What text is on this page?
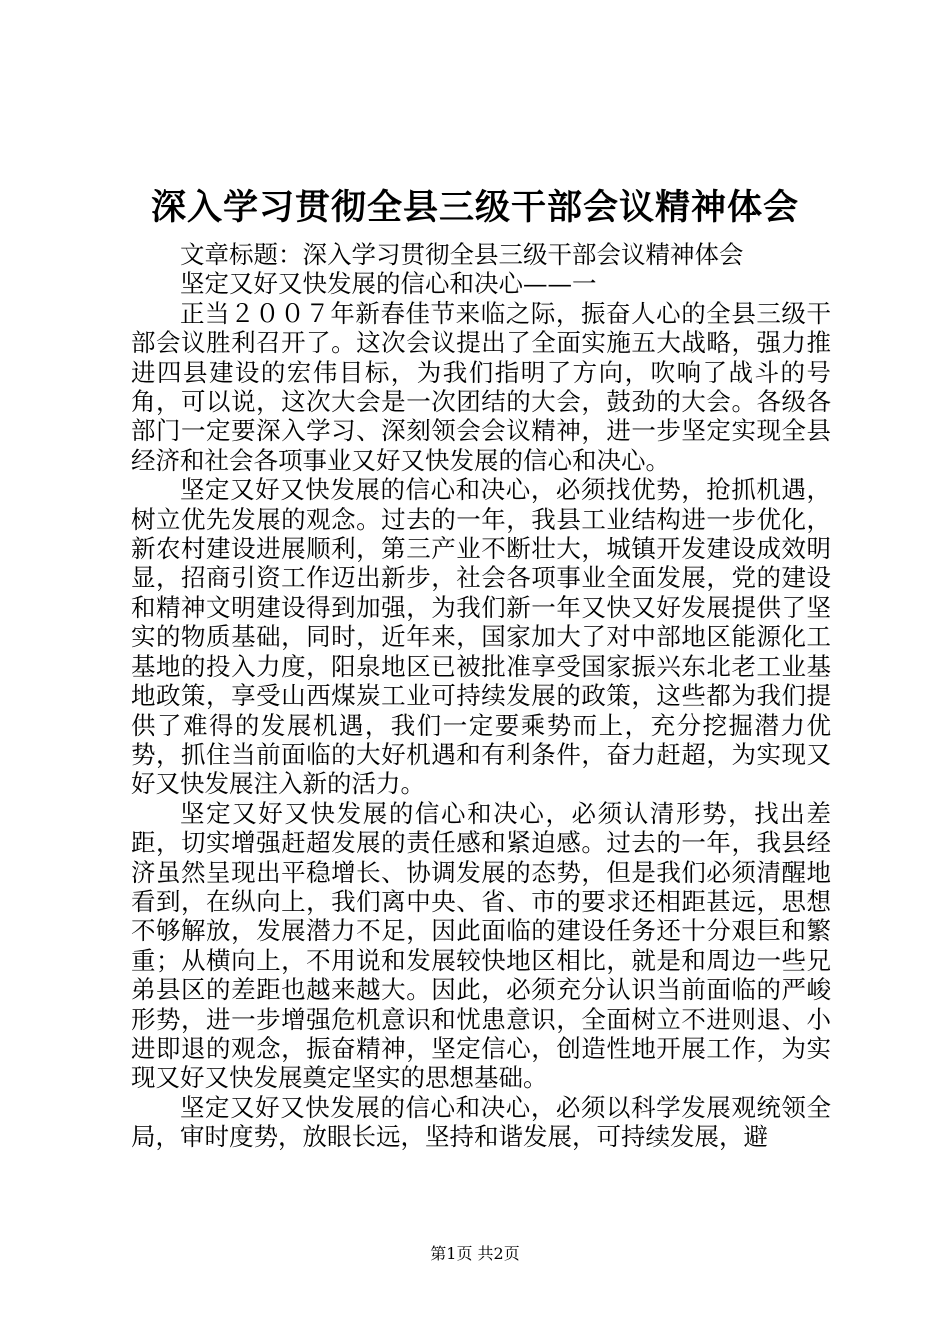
深入学习贯彻全县三级干部会议精神体会

文章标题：深入学习贯彻全县三级干部会议精神体会

坚定又好又快发展的信心和决心——一

正当２００７年新春佳节来临之际，振奋人心的全县三级干部会议胜利召开了。这次会议提出了全面实施五大战略，强力推进四县建设的宏伟目标，为我们指明了方向，吹响了战斗的号角，可以说，这次大会是一次团结的大会，鼓劲的大会。各级各部门一定要深入学习、深刻领会会议精神，进一步坚定实现全县经济和社会各项事业又好又快发展的信心和决心。

坚定又好又快发展的信心和决心，必须找优势，抢抓机遇，树立优先发展的观念。过去的一年，我县工业结构进一步优化，新农村建设进展顺利，第三产业不断壮大，城镇开发建设成效明显，招商引资工作迈出新步，社会各项事业全面发展，党的建设和精神文明建设得到加强，为我们新一年又快又好发展提供了坚实的物质基础，同时，近年来，国家加大了对中部地区能源化工基地的投入力度，阳泉地区已被批准享受国家振兴东北老工业基地政策，享受山西煤炭工业可持续发展的政策，这些都为我们提供了难得的发展机遇，我们一定要乘势而上，充分挖掘潜力优势，抓住当前面临的大好机遇和有利条件，奋力赶超，为实现又好又快发展注入新的活力。

坚定又好又快发展的信心和决心，必须认清形势，找出差距，切实增强赶超发展的责任感和紧迫感。过去的一年，我县经济虽然呈现出平稳增长、协调发展的态势，但是我们必须清醒地看到，在纵向上，我们离中央、省、市的要求还相距甚远，思想不够解放，发展潜力不足，因此面临的建设任务还十分艰巨和繁重；从横向上，不用说和发展较快地区相比，就是和周边一些兄弟县区的差距也越来越大。因此，必须充分认识当前面临的严峻形势，进一步增强危机意识和忧患意识，全面树立不进则退、小进即退的观念，振奋精神，坚定信心，创造性地开展工作，为实现又好又快发展奠定坚实的思想基础。

坚定又好又快发展的信心和决心，必须以科学发展观统领全局，审时度势，放眼长远，坚持和谐发展，可持续发展，避

第1页 共2页
